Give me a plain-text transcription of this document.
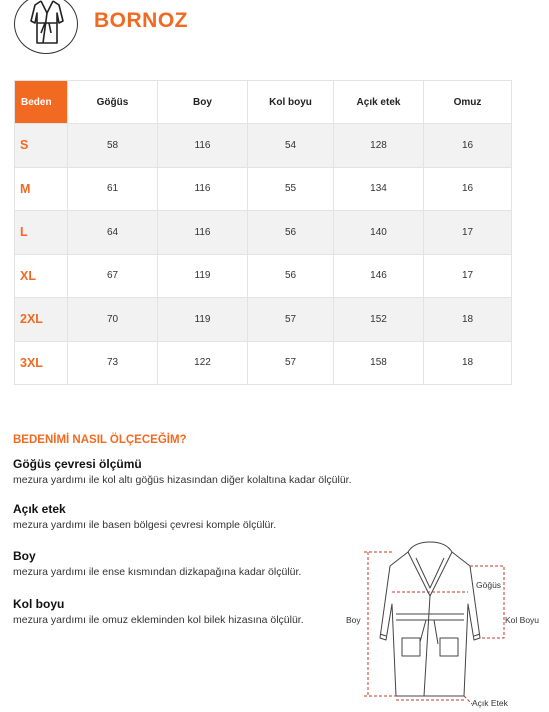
BORNOZ
Beden	Göğüs	Boy	Kol boyu	Açık etek	Omuz
S	58	116	54	128	16
M	61	116	55	134	16
L	64	116	56	140	17
XL	67	119	56	146	17
2XL	70	119	57	152	18
3XL	73	122	57	158	18
BEDENİMİ NASIL ÖLÇECEĞİM?
Göğüs çevresi ölçümü
mezura yardımı ile kol altı göğüs hizasından diğer kolaltına kadar ölçülür.
Açık etek
mezura yardımı ile basen bölgesi çevresi komple ölçülür.
Boy
mezura yardımı ile ense kısmından dizkapağına kadar ölçülür.
Kol boyu
mezura yardımı ile omuz ekleminden kol bilek hizasına ölçülür.	Boy
Göğüs
Kol Boyu
Açık Etek
